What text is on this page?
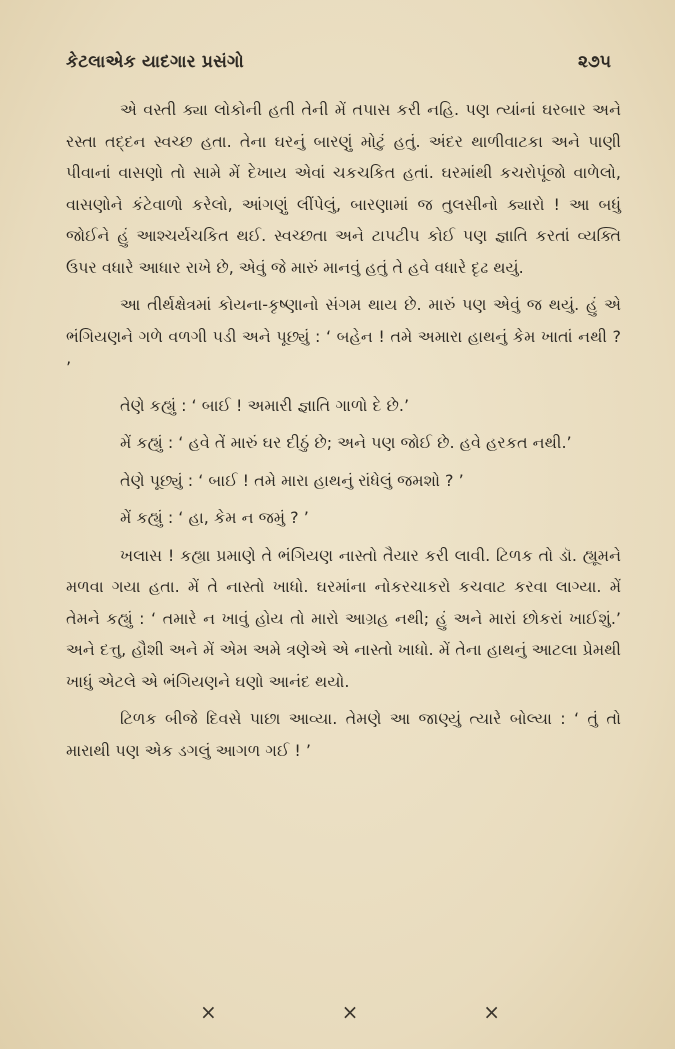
કેટલાએક યાદગાર પ્રસંગો	૨૭૫

એ વસ્તી ક્યા લોકોની હતી તેની મેં તપાસ કરી નહિ. પણ ત્યાંનાં ઘરબાર અને રસ્તા તદ્દન સ્વચ્છ હતા. તેના ઘરનું બારણું મોટું હતું. અંદર થાળીવાટકા અને પાણી પીવાનાં વાસણો તો સામે મેં દેખાય એવાં ચકચકિત હતાં. ઘરમાંથી કચરોપૂંજો વાળેલો, વાસણોને કંટેવાળો કરેલો, આંગણું લીંપેલું, બારણામાં જ તુલસીનો ક્યારો ! આ બધું જોઈને હું આશ્ચર્યચકિત થઈ. સ્વચ્છતા અને ટાપટીપ કોઈ પણ જ્ઞાતિ કરતાં વ્યક્તિ ઉપર વધારે આધાર રાખે છે, એવું જે મારું માનવું હતું તે હવે વધારે દૃઢ થયું.

આ તીર્થક્ષેત્રમાં કોયના-કૃષ્ણાનો સંગમ થાય છે. મારું પણ એવું જ થયું. હું એ ભંગિયણને ગળે વળગી પડી અને પૂછ્યું : ‘ બહેન ! તમે અમારા હાથનું કેમ ખાતાં નથી ? ’

તેણે કહ્યું : ‘ બાઈ ! અમારી જ્ઞાતિ ગાળો દે છે.’

મેં કહ્યું : ‘ હવે તેં મારું ઘર દીઠું છે; અને પણ જોઈ છે. હવે હરકત નથી.’

તેણે પૂછ્યું : ‘ બાઈ ! તમે મારા હાથનું રાંધેલું જમશો ? ’

મેં કહ્યું : ‘ હા, કેમ ન જમું ? ’

ખલાસ ! કહ્યા પ્રમાણે તે ભંગિયણ નાસ્તો તૈયાર કરી લાવી. ટિળક તો ડૉ. હ્યૂમને મળવા ગયા હતા. મેં તે નાસ્તો ખાધો. ઘરમાંના નોકરચાકરો કચવાટ કરવા લાગ્યા. મેં તેમને કહ્યું : ‘ તમારે ન ખાવું હોય તો મારો આગ્રહ નથી; હું અને મારાં છોકરાં ખાઈશું.’ અને દત્તુ, હૌશી અને મેં એમ અમે ત્રણેએ એ નાસ્તો ખાધો. મેં તેના હાથનું આટલા પ્રેમથી ખાધું એટલે એ ભંગિયણને ઘણો આનંદ થયો.

ટિળક બીજે દિવસે પાછા આવ્યા. તેમણે આ જાણ્યું ત્યારે બોલ્યા : ‘ તું તો મારાથી પણ એક ડગલું આગળ ગઈ ! ’

×	×	×
